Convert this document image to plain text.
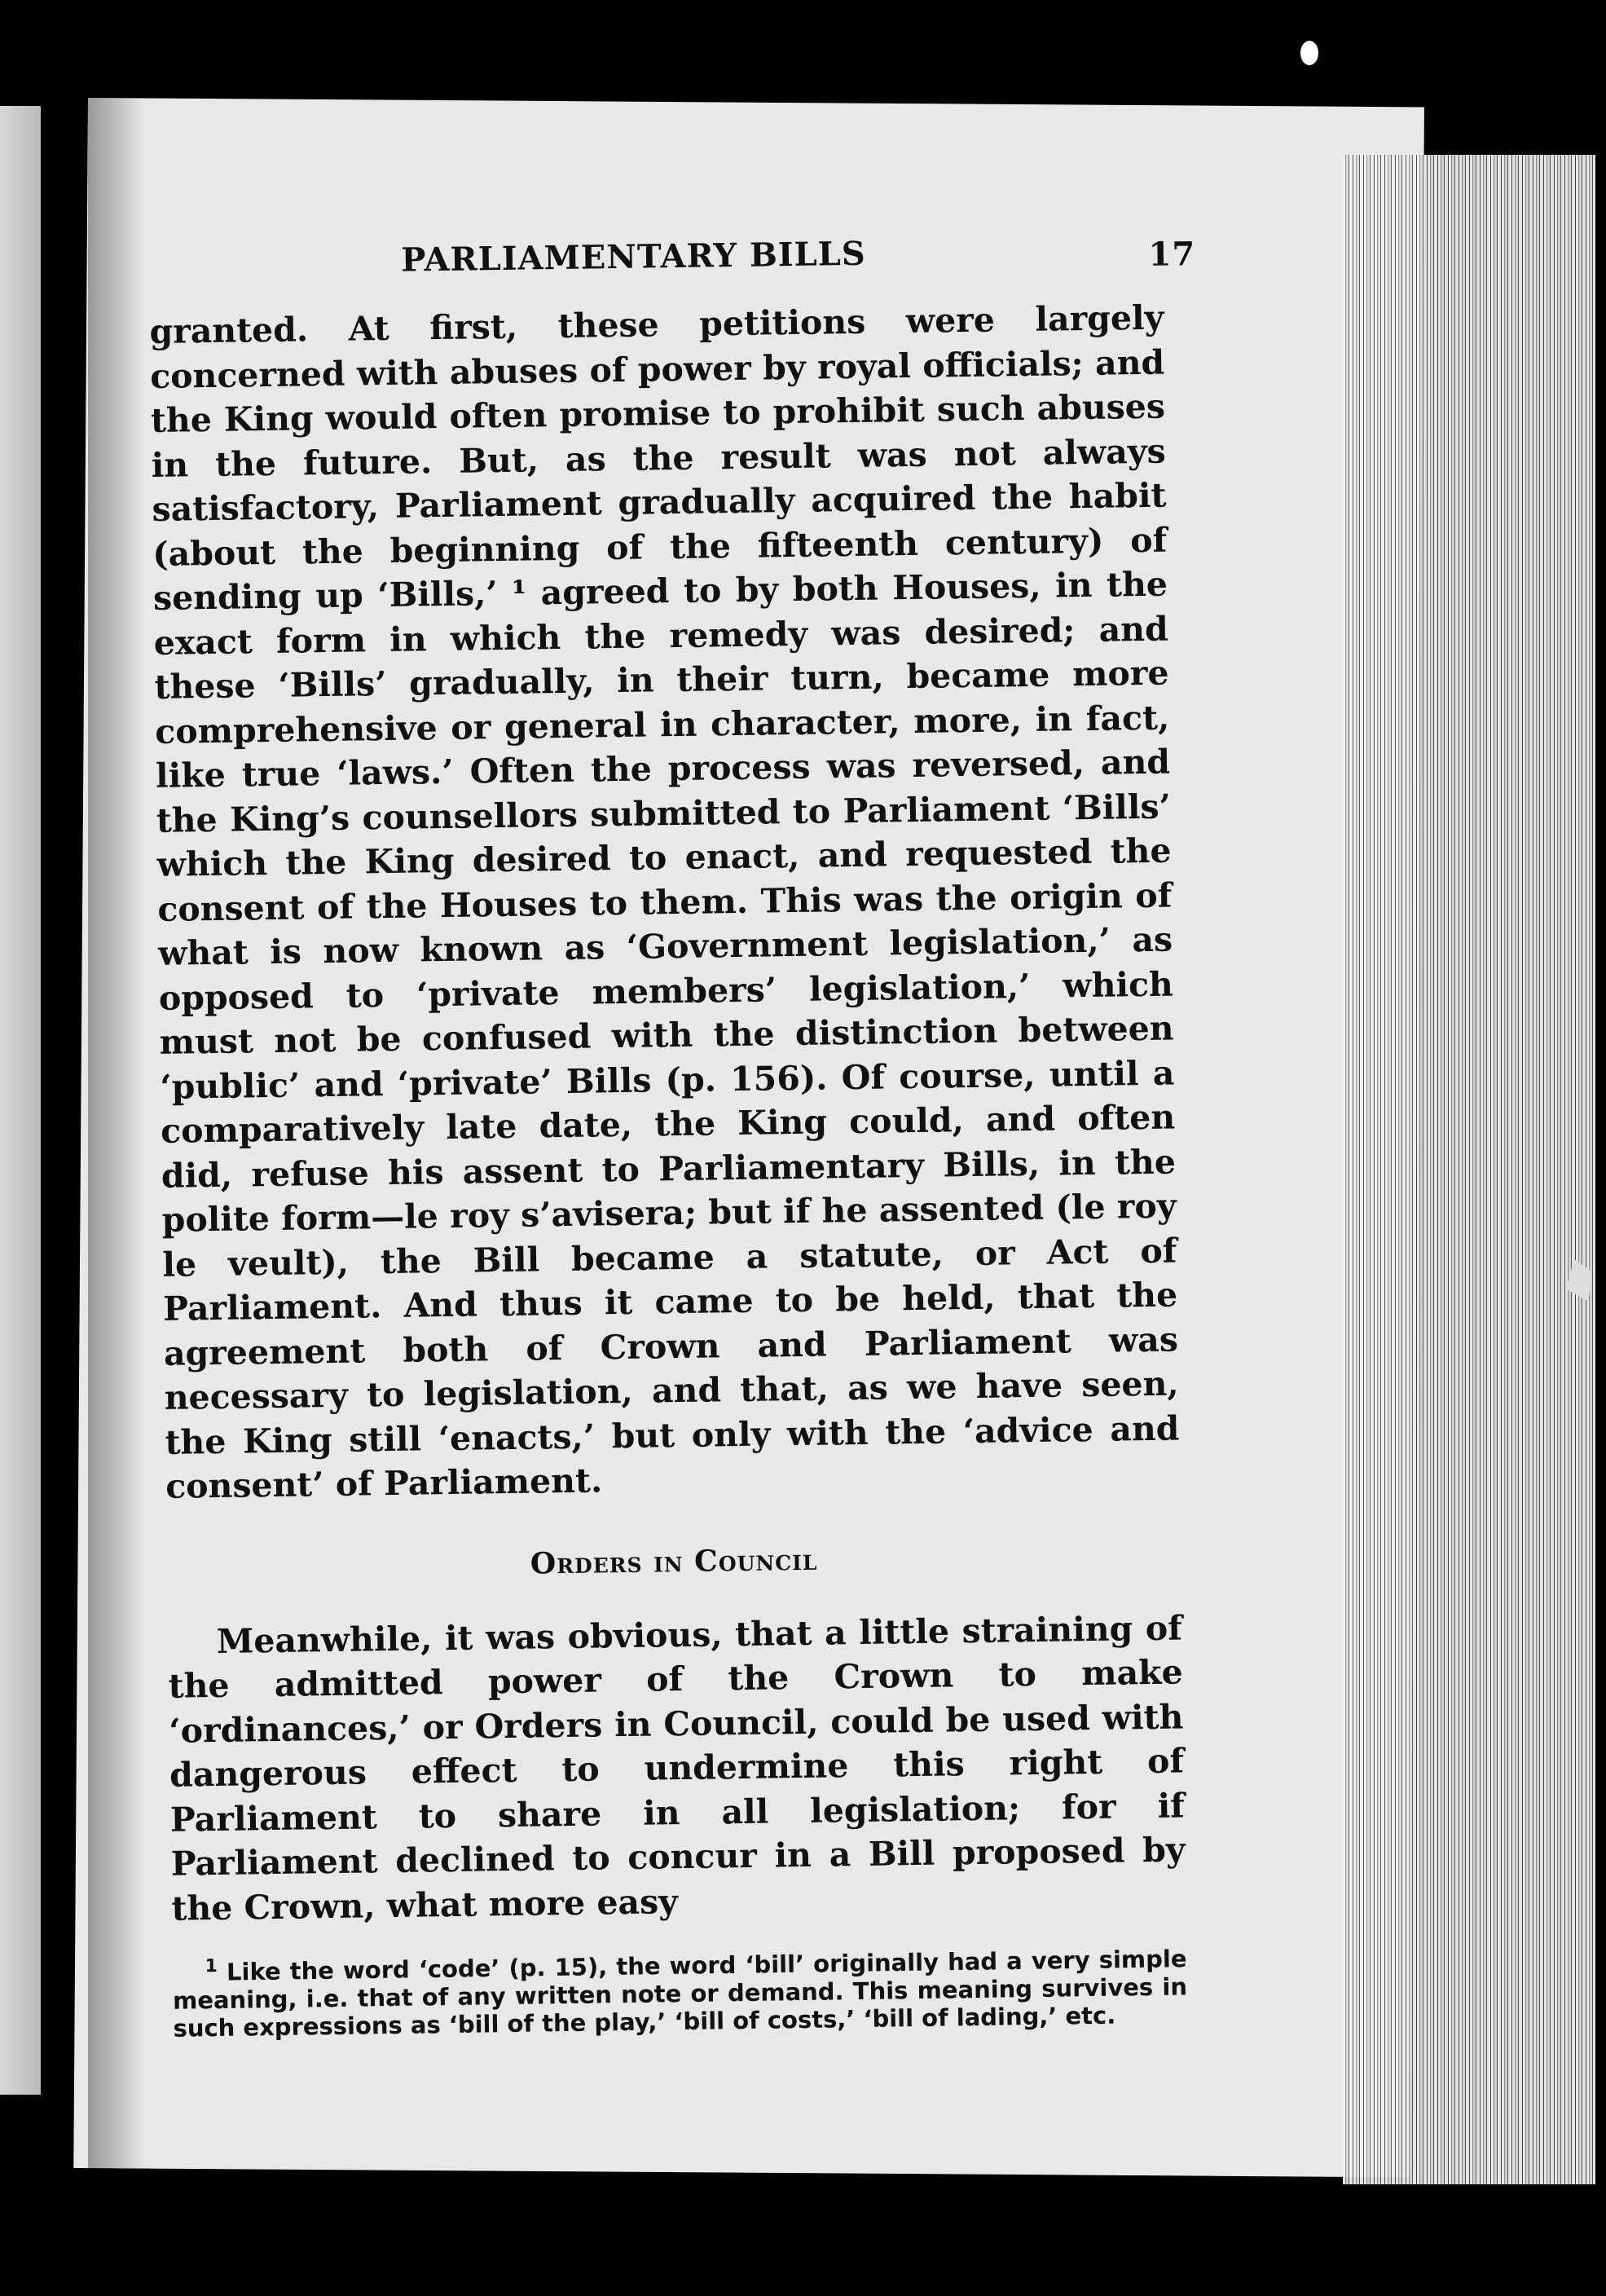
PARLIAMENTARY BILLS	17

granted. At first, these petitions were largely concerned with abuses of power by royal officials; and the King would often promise to prohibit such abuses in the future. But, as the result was not always satisfactory, Parliament gradually acquired the habit (about the beginning of the fifteenth century) of sending up ‘Bills,’ ¹ agreed to by both Houses, in the exact form in which the remedy was desired; and these ‘Bills’ gradually, in their turn, became more comprehensive or general in character, more, in fact, like true ‘laws.’ Often the process was reversed, and the King’s counsellors submitted to Parliament ‘Bills’ which the King desired to enact, and requested the consent of the Houses to them. This was the origin of what is now known as ‘Government legislation,’ as opposed to ‘private members’ legislation,’ which must not be confused with the distinction between ‘public’ and ‘private’ Bills (p. 156). Of course, until a comparatively late date, the King could, and often did, refuse his assent to Parliamentary Bills, in the polite form—le roy s’avisera; but if he assented (le roy le veult), the Bill became a statute, or Act of Parliament. And thus it came to be held, that the agreement both of Crown and Parliament was necessary to legislation, and that, as we have seen, the King still ‘enacts,’ but only with the ‘advice and consent’ of Parliament.

Orders in Council

Meanwhile, it was obvious, that a little straining of the admitted power of the Crown to make ‘ordinances,’ or Orders in Council, could be used with dangerous effect to undermine this right of Parliament to share in all legislation; for if Parliament declined to concur in a Bill proposed by the Crown, what more easy

$^1$ Like the word ‘code’ (p. 15), the word ‘bill’ originally had a very simple meaning, i.e. that of any written note or demand. This meaning survives in such expressions as ‘bill of the play,’ ‘bill of costs,’ ‘bill of lading,’ etc.
